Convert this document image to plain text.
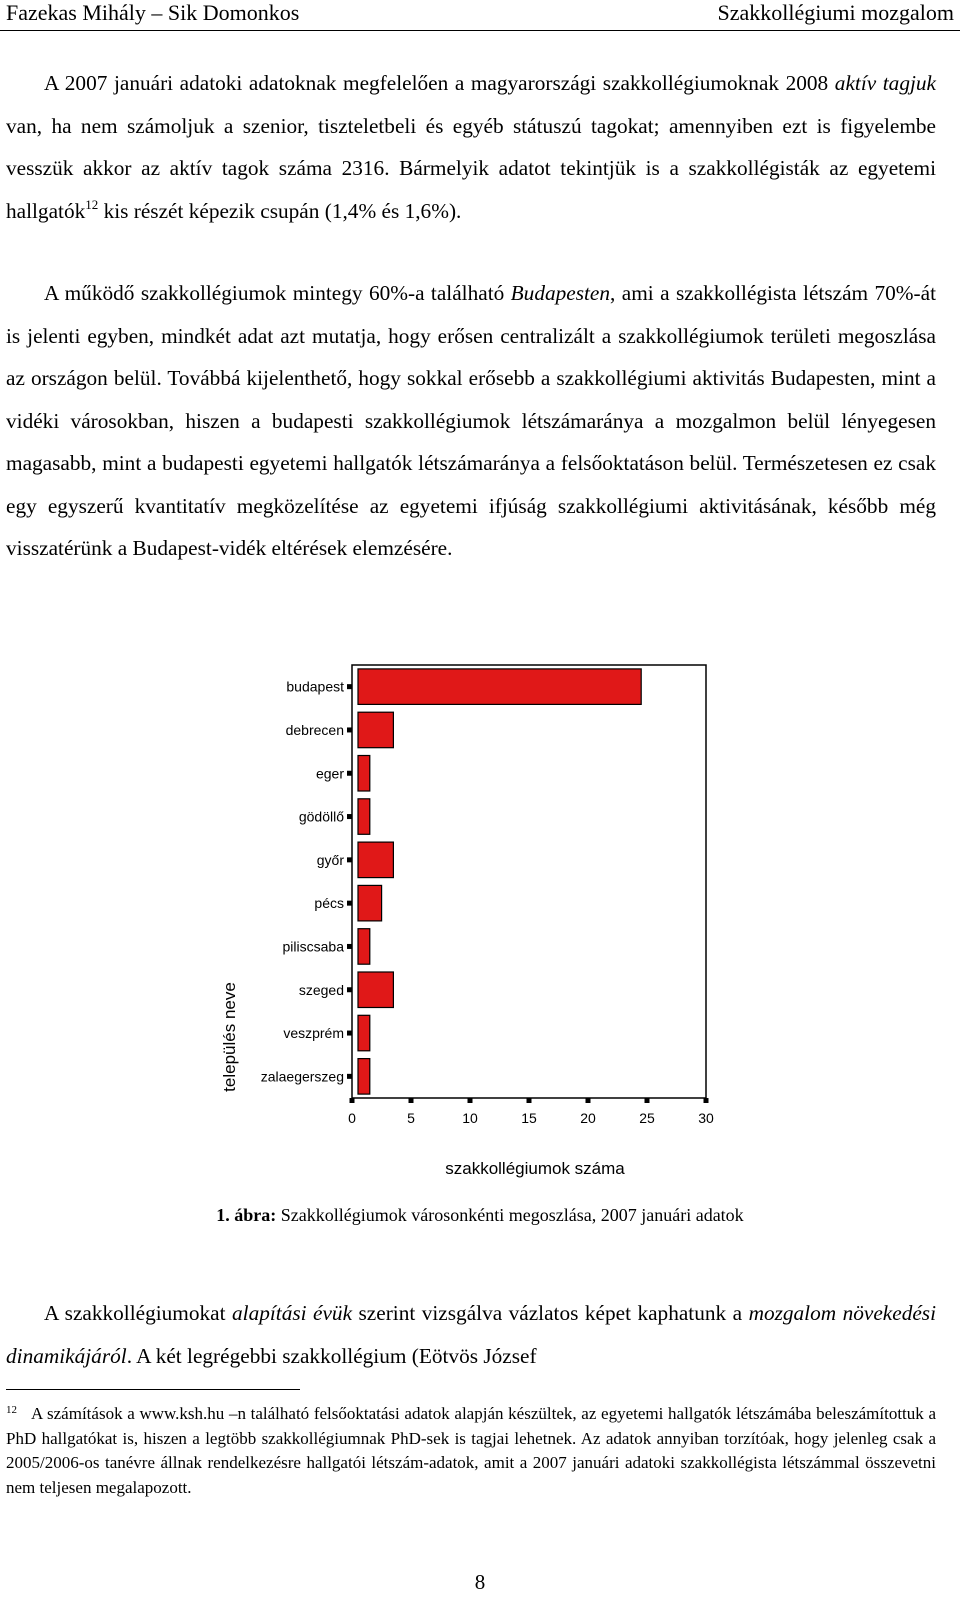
Fazekas Mihály – Sik Domonkos	Szakkollégiumi mozgalom

A 2007 januári adatoki adatoknak megfelelően a magyarországi szakkollégiumoknak 2008 aktív tagjuk van, ha nem számoljuk a szenior, tiszteletbeli és egyéb státuszú tagokat; amennyiben ezt is figyelembe vesszük akkor az aktív tagok száma 2316. Bármelyik adatot tekintjük is a szakkollégisták az egyetemi hallgatók$^{12}$ kis részét képezik csupán (1,4% és 1,6%).

A működő szakkollégiumok mintegy 60%-a található Budapesten, ami a szakkollégista létszám 70%-át is jelenti egyben, mindkét adat azt mutatja, hogy erősen centralizált a szakkollégiumok területi megoszlása az országon belül. Továbbá kijelenthető, hogy sokkal erősebb a szakkollégiumi aktivitás Budapesten, mint a vidéki városokban, hiszen a budapesti szakkollégiumok létszámaránya a mozgalmon belül lényegesen magasabb, mint a budapesti egyetemi hallgatók létszámaránya a felsőoktatáson belül. Természetesen ez csak egy egyszerű kvantitatív megközelítése az egyetemi ifjúság szakkollégiumi aktivitásának, később még visszatérünk a Budapest-vidék eltérések elemzésére.

budapest
debrecen
eger
gödöllő
győr
pécs
piliscsaba
szeged
veszprém
zalaegerszeg
0	5	10	15	20	25	30
szakkollégiumok száma
település neve
1. ábra: Szakkollégiumok városonkénti megoszlása, 2007 januári adatok

A szakkollégiumokat alapítási évük szerint vizsgálva vázlatos képet kaphatunk a mozgalom növekedési dinamikájáról. A két legrégebbi szakkollégium (Eötvös József

$^{12}$ A számítások a www.ksh.hu –n található felsőoktatási adatok alapján készültek, az egyetemi hallgatók létszámába beleszámítottuk a PhD hallgatókat is, hiszen a legtöbb szakkollégiumnak PhD-sek is tagjai lehetnek. Az adatok annyiban torzítóak, hogy jelenleg csak a 2005/2006-os tanévre állnak rendelkezésre hallgatói létszám-adatok, amit a 2007 januári adatoki szakkollégista létszámmal összevetni nem teljesen megalapozott.

8
